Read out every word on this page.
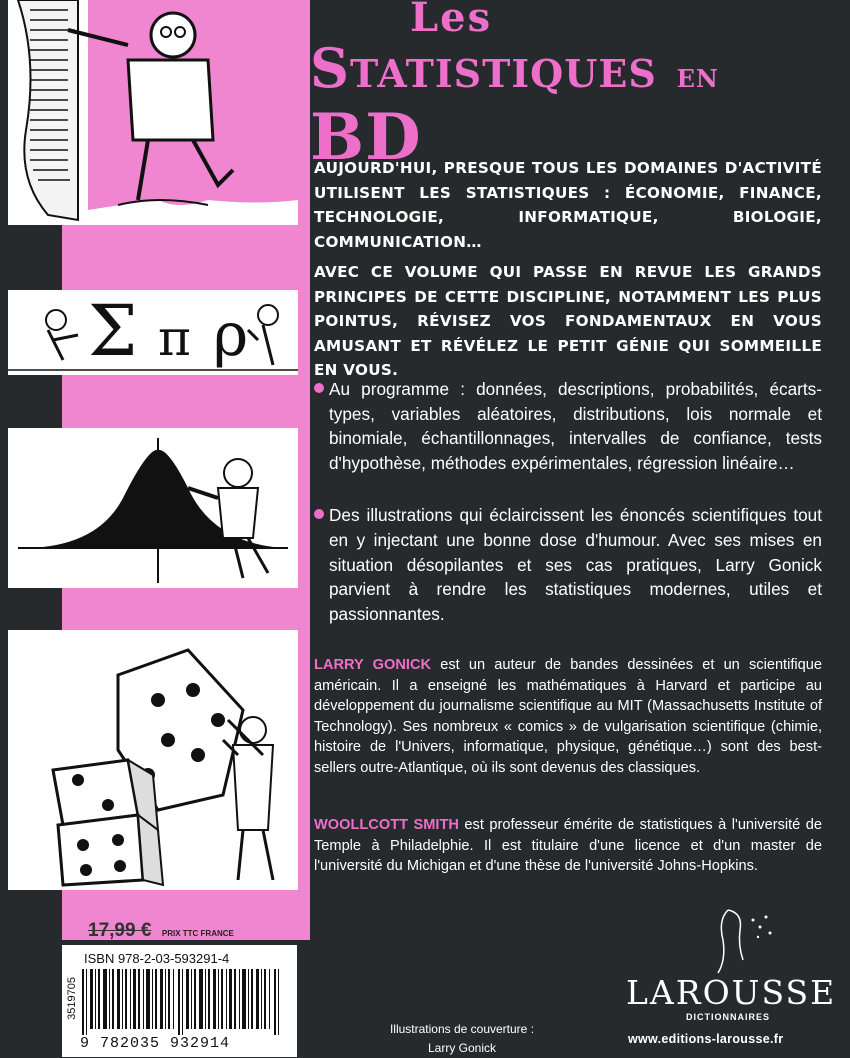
Σ π ρ
Les
Statistiques en BD

AUJOURD'HUI, PRESQUE TOUS LES DOMAINES D'ACTIVITÉ UTILISENT LES STATISTIQUES : ÉCONOMIE, FINANCE, TECHNOLOGIE, INFORMATIQUE, BIOLOGIE, COMMUNICATION…

AVEC CE VOLUME QUI PASSE EN REVUE LES GRANDS PRINCIPES DE CETTE DISCIPLINE, NOTAMMENT LES PLUS POINTUS, RÉVISEZ VOS FONDAMENTAUX EN VOUS AMUSANT ET RÉVÉLEZ LE PETIT GÉNIE QUI SOMMEILLE EN VOUS.

Au programme : données, descriptions, probabilités, écarts-types, variables aléatoires, distributions, lois normale et binomiale, échantillonnages, intervalles de confiance, tests d'hypothèse, méthodes expérimentales, régression linéaire…
Des illustrations qui éclaircissent les énoncés scientifiques tout en y injectant une bonne dose d'humour. Avec ses mises en situation désopilantes et ses cas pratiques, Larry Gonick parvient à rendre les statistiques modernes, utiles et passionnantes.
LARRY GONICK est un auteur de bandes dessinées et un scientifique américain. Il a enseigné les mathématiques à Harvard et participe au développement du journalisme scientifique au MIT (Massachusetts Institute of Technology). Ses nombreux « comics » de vulgarisation scientifique (chimie, histoire de l'Univers, informatique, physique, génétique…) sont des best-sellers outre-Atlantique, où ils sont devenus des classiques.
WOOLLCOTT SMITH est professeur émérite de statistiques à l'université de Temple à Philadelphie. Il est titulaire d'une licence et d'un master de l'université du Michigan et d'une thèse de l'université Johns-Hopkins.
17,99 € PRIX TTC FRANCE
ISBN 978-2-03-593291-4
3519705
9 782035 932914
Illustrations de couverture :
Larry Gonick
LAROUSSE
DICTIONNAIRES
www.editions-larousse.fr
